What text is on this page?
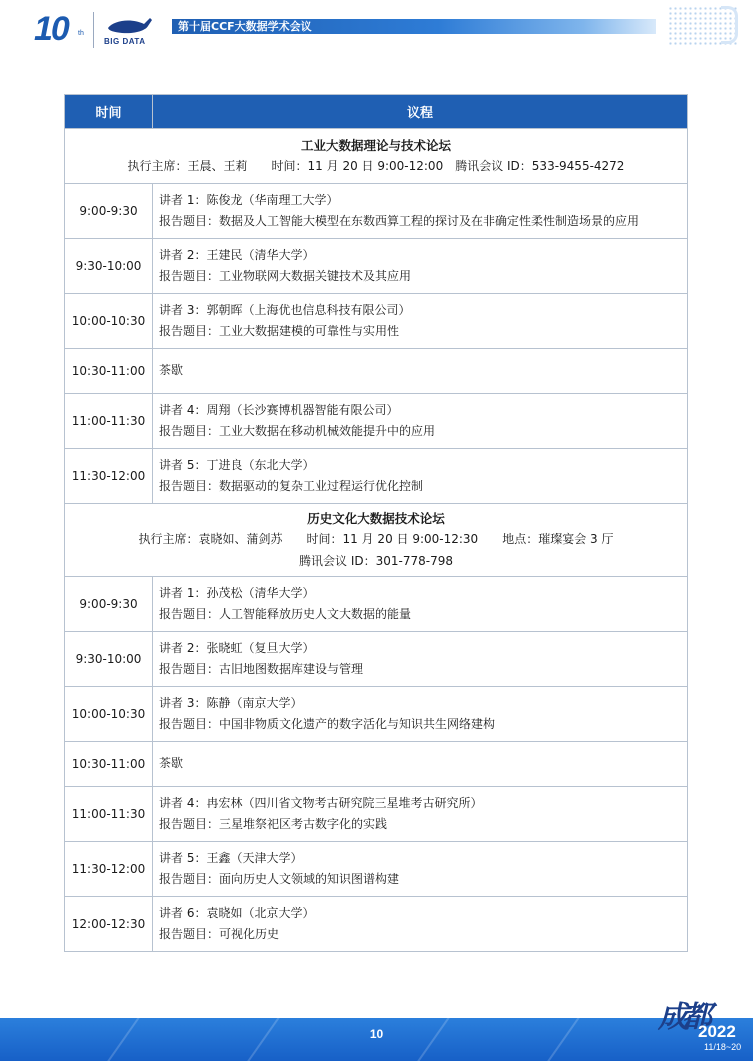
10 th
BIG DATA
第十届CCF大数据学术会议
时间	议程

工业大数据理论与技术论坛
执行主席：王晨、王莉　　时间：11 月 20 日 9:00-12:00　腾讯会议 ID：533-9455-4272	

9:00-9:30	讲者 1：陈俊龙（华南理工大学）
报告题目：数据及人工智能大模型在东数西算工程的探讨及在非确定性柔性制造场景的应用

9:30-10:00	讲者 2：王建民（清华大学）
报告题目：工业物联网大数据关键技术及其应用

10:00-10:30	讲者 3：郭朝晖（上海优也信息科技有限公司）
报告题目：工业大数据建模的可靠性与实用性

10:30-11:00	茶歇

11:00-11:30	讲者 4：周翔（长沙赛博机器智能有限公司）
报告题目：工业大数据在移动机械效能提升中的应用

11:30-12:00	讲者 5：丁进良（东北大学）
报告题目：数据驱动的复杂工业过程运行优化控制

历史文化大数据技术论坛
执行主席：袁晓如、蒲剑苏　　时间：11 月 20 日 9:00-12:30　　地点：璀璨宴会 3 厅
腾讯会议 ID：301-778-798	

9:00-9:30	讲者 1：孙茂松（清华大学）
报告题目：人工智能释放历史人文大数据的能量

9:30-10:00	讲者 2：张晓虹（复旦大学）
报告题目：古旧地图数据库建设与管理

10:00-10:30	讲者 3：陈静（南京大学）
报告题目：中国非物质文化遗产的数字活化与知识共生网络建构

10:30-11:00	茶歇

11:00-11:30	讲者 4：冉宏林（四川省文物考古研究院三星堆考古研究所）
报告题目：三星堆祭祀区考古数字化的实践

11:30-12:00	讲者 5：王鑫（天津大学）
报告题目：面向历史人文领域的知识图谱构建

12:00-12:30	讲者 6：袁晓如（北京大学）
报告题目：可视化历史
10	成都
2022
11/18~20
